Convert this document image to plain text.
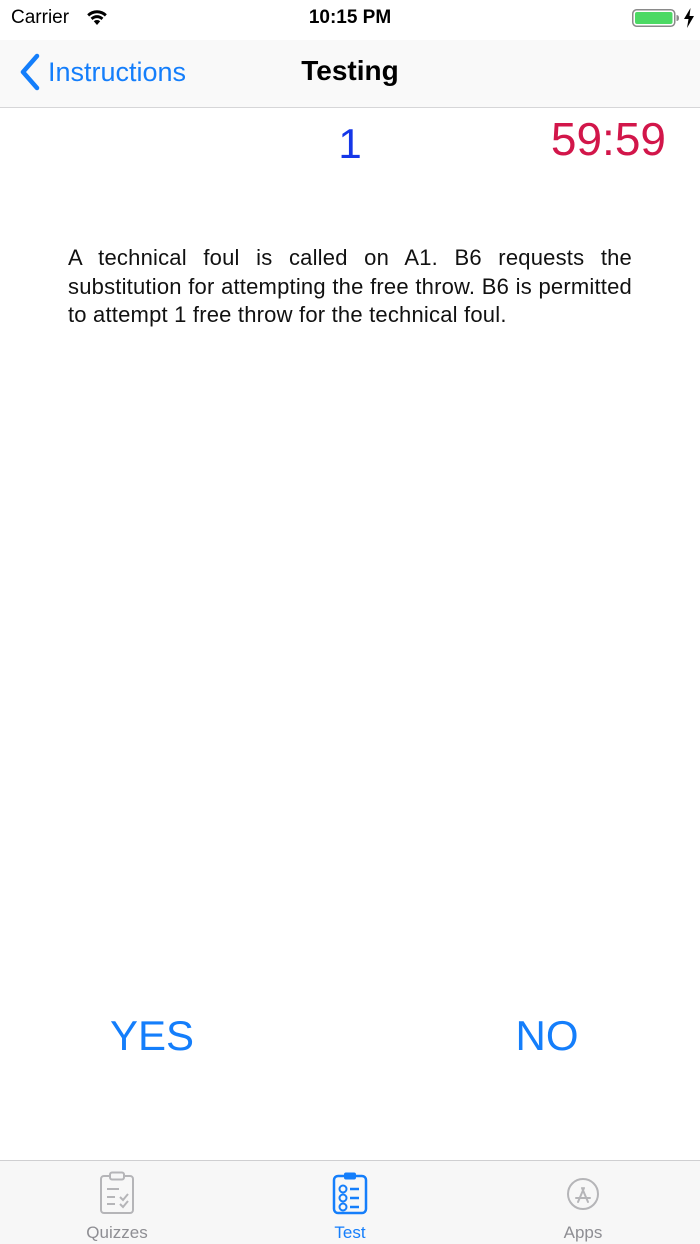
Carrier	10:15 PM
Instructions	Testing
1	59:59

A technical foul is called on A1. B6 requests the substitution for attempting the free throw. B6 is permitted to attempt 1 free throw for the technical foul.

YES	NO
Quizzes	Test	Apps
